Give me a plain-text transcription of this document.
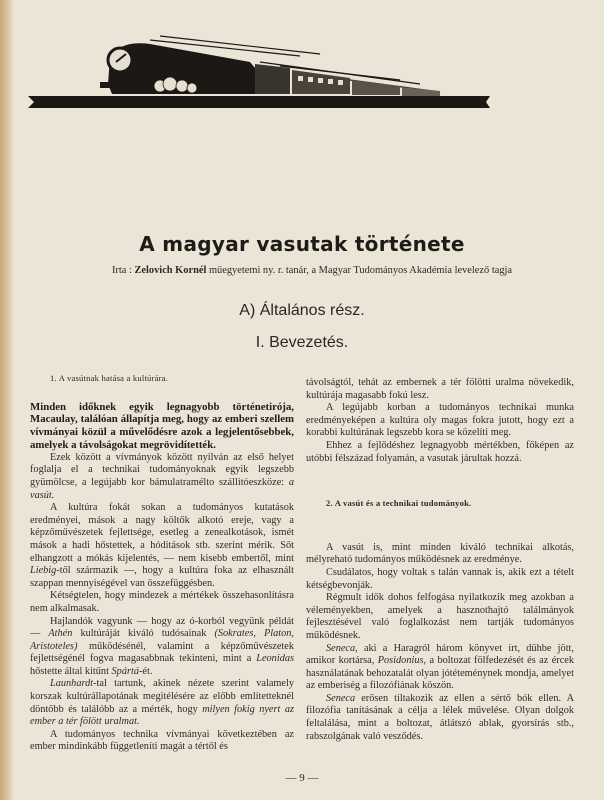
A magyar vasutak története
Irta : Zelovich Kornél műegyetemi ny. r. tanár, a Magyar Tudományos Akadémia levelező tagja
A) Általános rész.
I. Bevezetés.

1. A vasútnak hatása a kultúrára.

Minden időknek egyik legnagyobb történetirója, Macaulay, találóan állapítja meg, hogy az emberi szellem vívmányai közül a művelődésre azok a legjelentősebbek, amelyek a távolságokat megrövidítették.

Ezek között a vívmányok között nyilván az első helyet foglalja el a technikai tudományoknak egyik legszebb gyümölcse, a legújabb kor bámulatramélto szállitóeszköze: a vasút.

A kultúra fokát sokan a tudományos kutatások eredményei, mások a nagy költők alkotó ereje, vagy a képzőművészetek fejlettsége, esetleg a zenealkotások, ismét mások a hadi hőstettek, a hóditások stb. szerint mérik. Sőt elhangzott a mókás kijelentés, — nem kisebb embertől, mint Liebig-től származik —, hogy a kultúra foka az elhasznált szappan mennyiségével van összefüggésben.

Kétségtelen, hogy mindezek a mértékek összehasonlításra nem alkalmasak.

Hajlandók vagyunk — hogy az ó-korból vegyünk példát — Athén kultúráját kiváló tudósainak (Sokrates, Platon, Aristoteles) működésénél, valamint a képzőművészetek fejlettségénél fogva magasabbnak tekinteni, mint a Leonidas hőstette által kitűnt Spártá-ét.

Launhardt-tal tartunk, akinek nézete szerint valamely korszak kultúrállapotának megitélésére az előbb említetteknél döntőbb és találóbb az a mérték, hogy milyen fokig nyert az ember a tér fölött uralmat.

A tudományos technika vívmányai következtében az ember mindinkább függetleníti magát a tértől és

távolságtól, tehát az embernek a tér fölötti uralma növekedik, kultúrája magasabb fokú lesz.

A legújabb korban a tudományos technikai munka eredményeképen a kultúra oly magas fokra jutott, hogy ezt a korabbi kultúrának legszebb kora se közelíti meg.

Ehhez a fejlődéshez legnagyobb mértékben, főképen az utóbbi félszázad folyamán, a vasutak járultak hozzá.

2. A vasút és a technikai tudományok.

A vasút is, mint minden kiváló technikai alkotás, mélyreható tudományos működésnek az eredménye.

Csudálatos, hogy voltak s talán vannak is, akik ezt a tételt kétségbevonják.

Régmult idők dohos felfogása nyilatkozik meg azokban a véleményekben, amelyek a hasznothajtó találmányok fejlesztésével való foglalkozást nem tartják tudományos működésnek.

Seneca, aki a Haragról három könyvet írt, dühbe jött, amikor kortársa, Posidonius, a boltozat fölfedezését és az ércek használatának behozatalát olyan jótéteménynek mondja, amelyet az emberiség a filozófiának köszön.

Seneca erősen tiltakozik az ellen a sértő bók ellen. A filozófia tanításának a célja a lélek művelése. Olyan dolgok feltalálása, mint a boltozat, átlátszó ablak, gyorsírás stb., rabszolgának való vesződés.

— 9 —
